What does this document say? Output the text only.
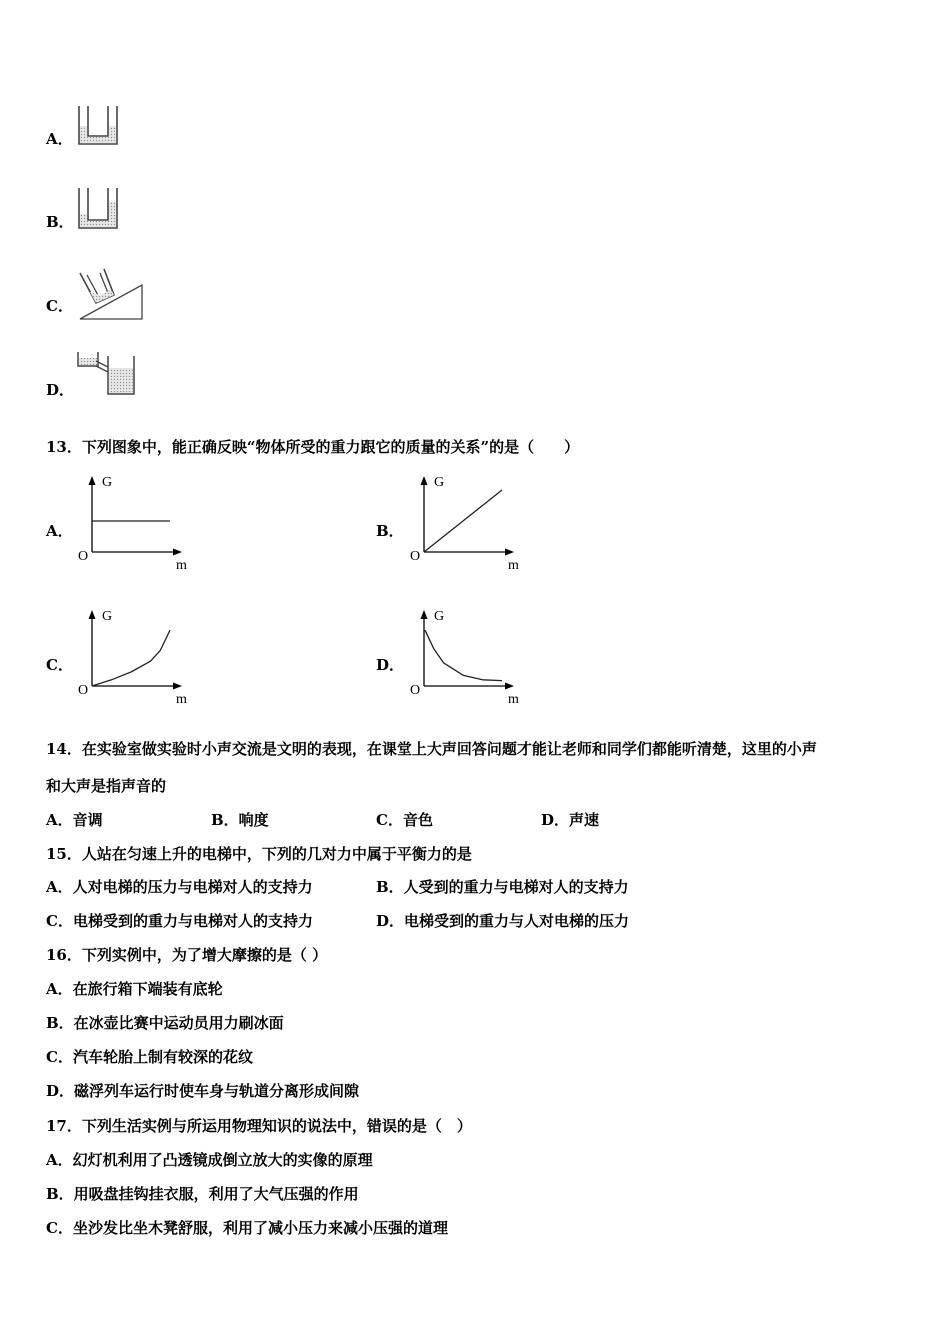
A．
B．
C．
D．
13．下列图象中，能正确反映“物体所受的重力跟它的质量的关系”的是（　　）
A．	B．
C．	D．
G
m
O
G
m
O
G
m
O
G
m
O
14．在实验室做实验时小声交流是文明的表现，在课堂上大声回答问题才能让老师和同学们都能听清楚，这里的小声
和大声是指声音的
A．音调	B．响度	C．音色	D．声速
15．人站在匀速上升的电梯中，下列的几对力中属于平衡力的是
A．人对电梯的压力与电梯对人的支持力	B．人受到的重力与电梯对人的支持力
C．电梯受到的重力与电梯对人的支持力	D．电梯受到的重力与人对电梯的压力
16．下列实例中，为了增大摩擦的是（ ）
A．在旅行箱下端装有底轮
B．在冰壶比赛中运动员用力刷冰面
C．汽车轮胎上制有较深的花纹
D．磁浮列车运行时使车身与轨道分离形成间隙
17．下列生活实例与所运用物理知识的说法中，错误的是（　）
A．幻灯机利用了凸透镜成倒立放大的实像的原理
B．用吸盘挂钩挂衣服，利用了大气压强的作用
C．坐沙发比坐木凳舒服，利用了减小压力来减小压强的道理
